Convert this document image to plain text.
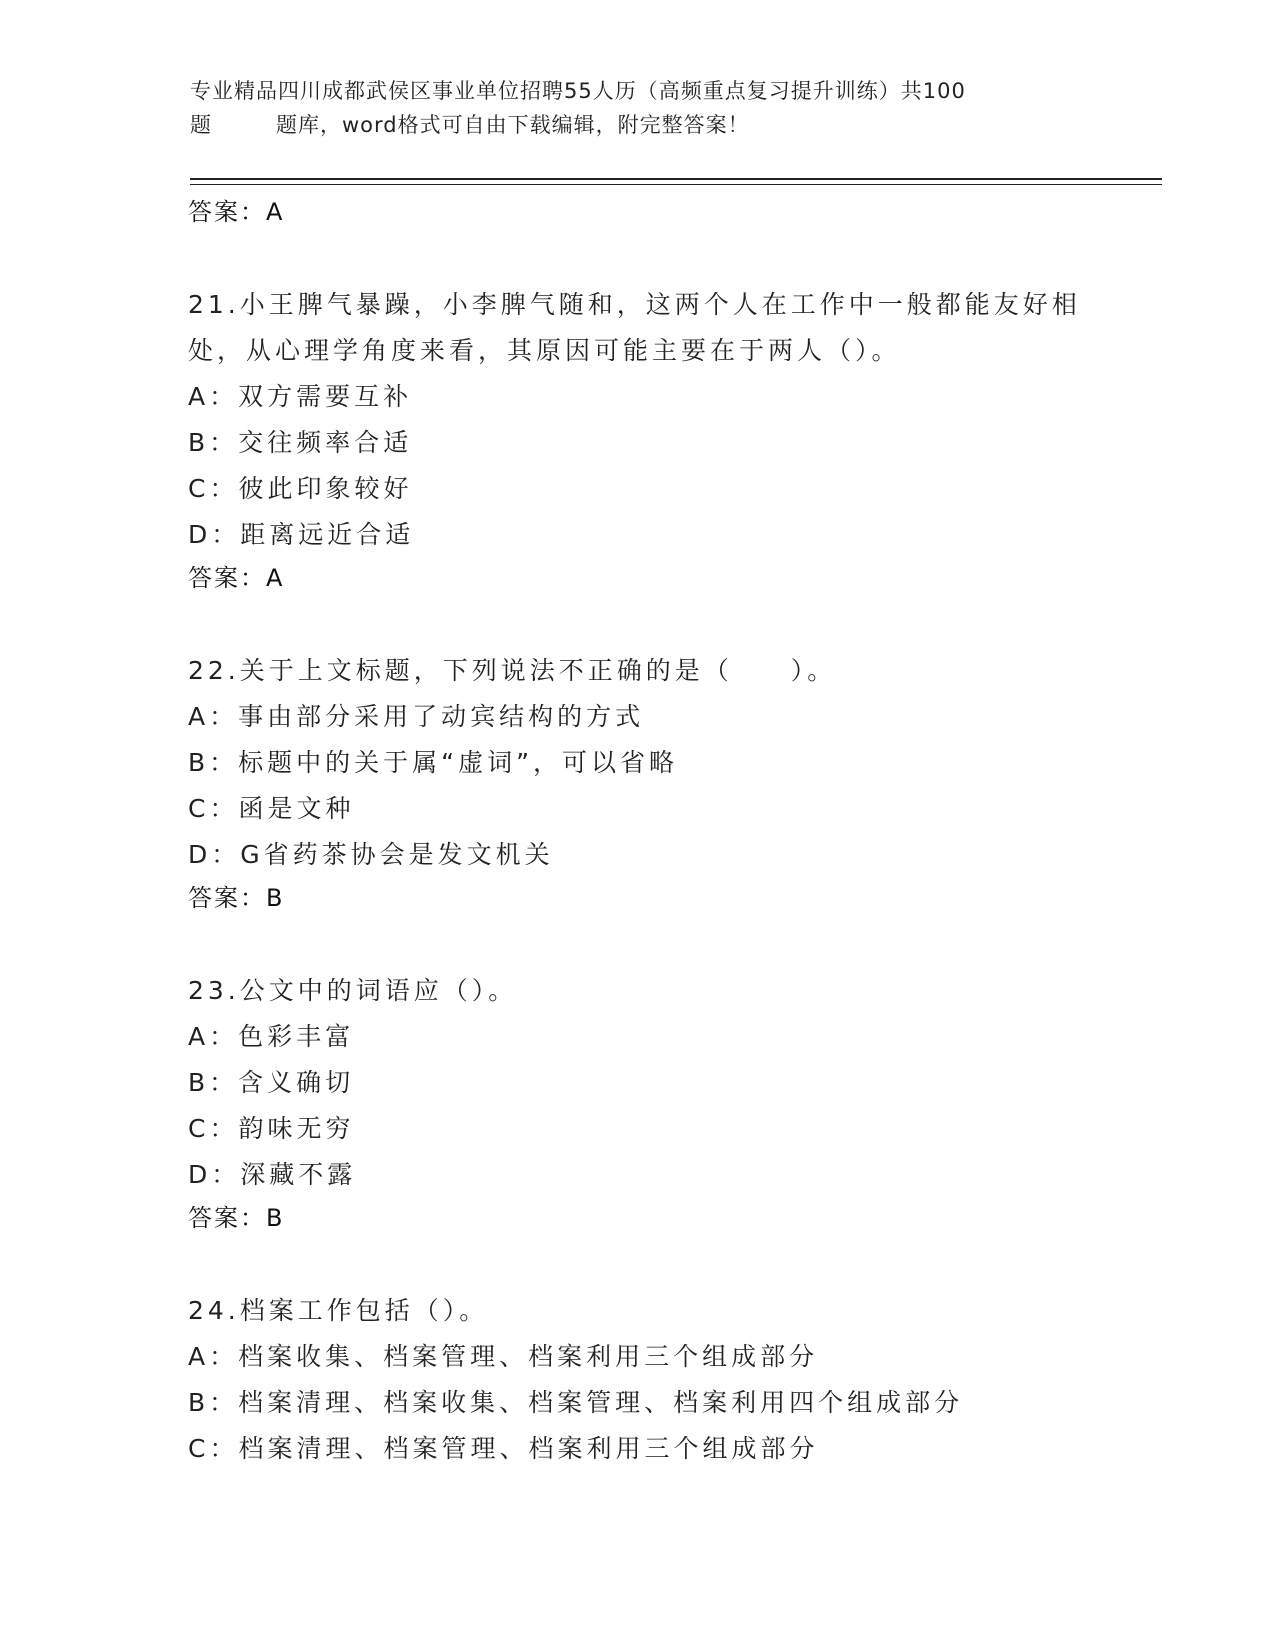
专业精品四川成都武侯区事业单位招聘55人历（高频重点复习提升训练）共100
题	题库，word格式可自由下载编辑，附完整答案！
答案：A
21.小王脾气暴躁，小李脾气随和，这两个人在工作中一般都能友好相处，从心理学角度来看，其原因可能主要在于两人（）。
A：双方需要互补
B：交往频率合适
C：彼此印象较好
D：距离远近合适
答案：A
22.关于上文标题，下列说法不正确的是（　　）。
A：事由部分采用了动宾结构的方式
B：标题中的关于属“虚词”，可以省略
C：函是文种
D：G省药茶协会是发文机关
答案：B
23.公文中的词语应（）。
A：色彩丰富
B：含义确切
C：韵味无穷
D：深藏不露
答案：B
24.档案工作包括（）。
A：档案收集、档案管理、档案利用三个组成部分
B：档案清理、档案收集、档案管理、档案利用四个组成部分
C：档案清理、档案管理、档案利用三个组成部分
